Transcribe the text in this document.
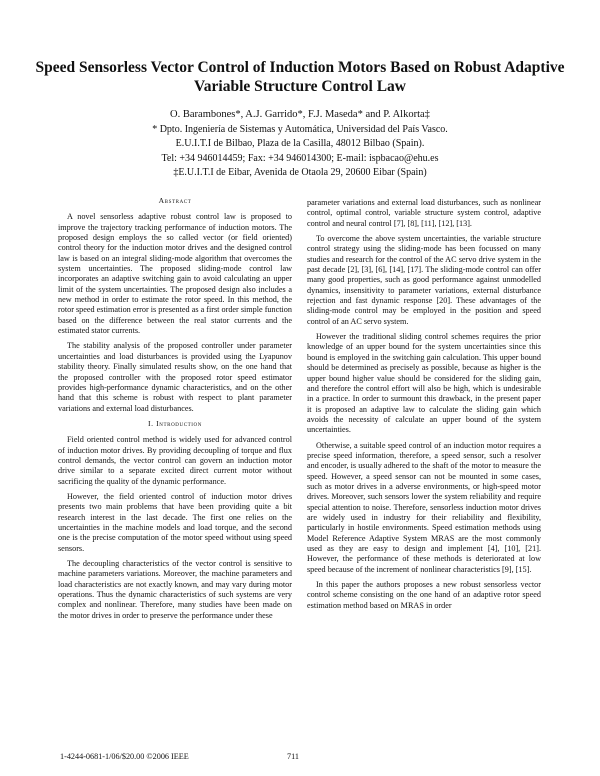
Speed Sensorless Vector Control of Induction Motors Based on Robust Adaptive Variable Structure Control Law
O. Barambones*, A.J. Garrido*, F.J. Maseda* and P. Alkorta‡
* Dpto. Ingeniería de Sistemas y Automática, Universidad del País Vasco.
E.U.I.T.I de Bilbao, Plaza de la Casilla, 48012 Bilbao (Spain).
Tel: +34 946014459; Fax: +34 946014300; E-mail: ispbacao@ehu.es
‡E.U.I.T.I de Eibar, Avenida de Otaola 29, 20600 Eibar (Spain)
Abstract

A novel sensorless adaptive robust control law is proposed to improve the trajectory tracking performance of induction motors. The proposed design employs the so called vector (or field oriented) control theory for the induction motor drives and the designed control law is based on an integral sliding-mode algorithm that overcomes the system uncertainties. The proposed sliding-mode control law incorporates an adaptive switching gain to avoid calculating an upper limit of the system uncertainties. The proposed design also includes a new method in order to estimate the rotor speed. In this method, the rotor speed estimation error is presented as a first order simple function based on the difference between the real stator currents and the estimated stator currents.

The stability analysis of the proposed controller under parameter uncertainties and load disturbances is provided using the Lyapunov stability theory. Finally simulated results show, on the one hand that the proposed controller with the proposed rotor speed estimator provides high-performance dynamic characteristics, and on the other hand that this scheme is robust with respect to plant parameter variations and external load disturbances.

I. Introduction

Field oriented control method is widely used for advanced control of induction motor drives. By providing decoupling of torque and flux control demands, the vector control can govern an induction motor drive similar to a separate excited direct current motor without sacrificing the quality of the dynamic performance.

However, the field oriented control of induction motor drives presents two main problems that have been providing quite a bit research interest in the last decade. The first one relies on the uncertainties in the machine models and load torque, and the second one is the precise computation of the motor speed without using speed sensors.

The decoupling characteristics of the vector control is sensitive to machine parameters variations. Moreover, the machine parameters and load characteristics are not exactly known, and may vary during motor operations. Thus the dynamic characteristics of such systems are very complex and nonlinear. Therefore, many studies have been made on the motor drives in order to preserve the performance under these

parameter variations and external load disturbances, such as nonlinear control, optimal control, variable structure system control, adaptive control and neural control [7], [8], [11], [12], [13].

To overcome the above system uncertainties, the variable structure control strategy using the sliding-mode has been focussed on many studies and research for the control of the AC servo drive system in the past decade [2], [3], [6], [14], [17]. The sliding-mode control can offer many good properties, such as good performance against unmodelled dynamics, insensitivity to parameter variations, external disturbance rejection and fast dynamic response [20]. These advantages of the sliding-mode control may be employed in the position and speed control of an AC servo system.

However the traditional sliding control schemes requires the prior knowledge of an upper bound for the system uncertainties since this bound is employed in the switching gain calculation. This upper bound should be determined as precisely as possible, because as higher is the upper bound higher value should be considered for the sliding gain, and therefore the control effort will also be high, which is undesirable in a practice. In order to surmount this drawback, in the present paper it is proposed an adaptive law to calculate the sliding gain which avoids the necessity of calculate an upper bound of the system uncertainties.

Otherwise, a suitable speed control of an induction motor requires a precise speed information, therefore, a speed sensor, such a resolver and encoder, is usually adhered to the shaft of the motor to measure the speed. However, a speed sensor can not be mounted in some cases, such as motor drives in a adverse environments, or high-speed motor drives. Moreover, such sensors lower the system reliability and require special attention to noise. Therefore, sensorless induction motor drives are widely used in industry for their reliability and flexibility, particularly in hostile environments. Speed estimation methods using Model Reference Adaptive System MRAS are the most commonly used as they are easy to design and implement [4], [10], [21]. However, the performance of these methods is deteriorated at low speed because of the increment of nonlinear characteristics [9], [15].

In this paper the authors proposes a new robust sensorless vector control scheme consisting on the one hand of an adaptive rotor speed estimation method based on MRAS in order

1-4244-0681-1/06/$20.00 ©2006 IEEE	711
